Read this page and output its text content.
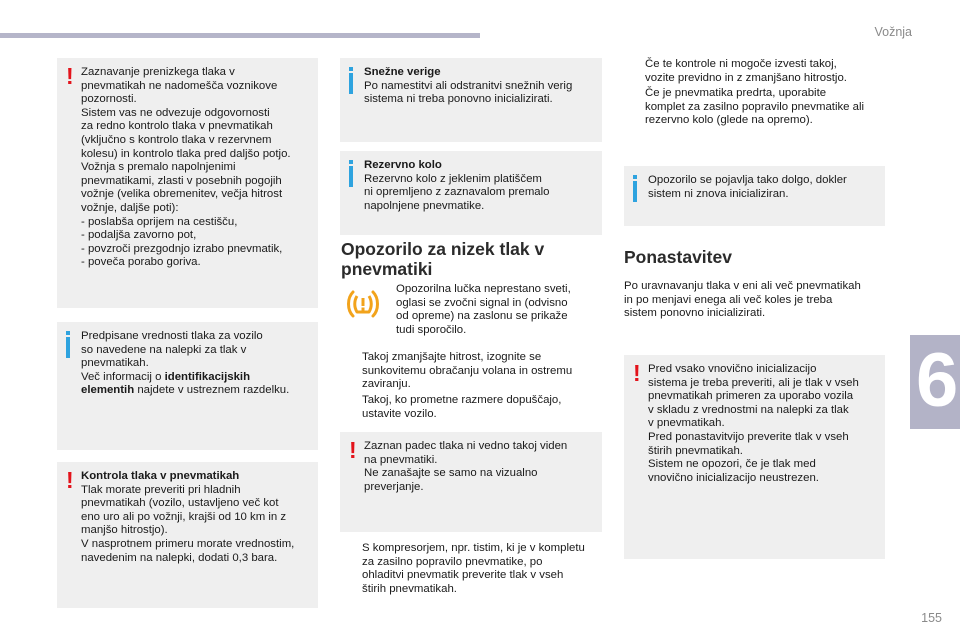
Vožnja
6
155
! Zaznavanje prenizkega tlaka v
pnevmatikah ne nadomešča voznikove
pozornosti.
Sistem vas ne odvezuje odgovornosti
za redno kontrolo tlaka v pnevmatikah
(vključno s kontrolo tlaka v rezervnem
kolesu) in kontrolo tlaka pred daljšo potjo.
Vožnja s premalo napolnjenimi
pnevmatikami, zlasti v posebnih pogojih
vožnje (velika obremenitev, večja hitrost
vožnje, daljše poti):
- poslabša oprijem na cestišču,
- podaljša zavorno pot,
- povzroči prezgodnjo izrabo pnevmatik,
- poveča porabo goriva.
Predpisane vrednosti tlaka za vozilo
so navedene na nalepki za tlak v
pnevmatikah.
Več informacij o identifikacijskih
elementih najdete v ustreznem razdelku.
! Kontrola tlaka v pnevmatikah
Tlak morate preveriti pri hladnih
pnevmatikah (vozilo, ustavljeno več kot
eno uro ali po vožnji, krajši od 10 km in z
manjšo hitrostjo).
V nasprotnem primeru morate vrednostim,
navedenim na nalepki, dodati 0,3 bara.
Snežne verige
Po namestitvi ali odstranitvi snežnih verig
sistema ni treba ponovno inicializirati.
Rezervno kolo
Rezervno kolo z jeklenim platiščem
ni opremljeno z zaznavalom premalo
napolnjene pnevmatike.
Opozorilo za nizek tlak v
pnevmatiki
Opozorilna lučka neprestano sveti,
oglasi se zvočni signal in (odvisno
od opreme) na zaslonu se prikaže
tudi sporočilo.

Takoj zmanjšajte hitrost, izognite se
sunkovitemu obračanju volana in ostremu
zaviranju.

Takoj, ko prometne razmere dopuščajo,
ustavite vozilo.

! Zaznan padec tlaka ni vedno takoj viden
na pnevmatiki.
Ne zanašajte se samo na vizualno
preverjanje.

S kompresorjem, npr. tistim, ki je v kompletu
za zasilno popravilo pnevmatike, po
ohladitvi pnevmatik preverite tlak v vseh
štirih pnevmatikah.

Če te kontrole ni mogoče izvesti takoj,
vozite previdno in z zmanjšano hitrostjo.

Če je pnevmatika predrta, uporabite
komplet za zasilno popravilo pnevmatike ali
rezervno kolo (glede na opremo).

Opozorilo se pojavlja tako dolgo, dokler
sistem ni znova inicializiran.
Ponastavitev
Po uravnavanju tlaka v eni ali več pnevmatikah
in po menjavi enega ali več koles je treba
sistem ponovno inicializirati.
! Pred vsako vnovično inicializacijo
sistema je treba preveriti, ali je tlak v vseh
pnevmatikah primeren za uporabo vozila
v skladu z vrednostmi na nalepki za tlak
v pnevmatikah.
Pred ponastavitvijo preverite tlak v vseh
štirih pnevmatikah.
Sistem ne opozori, če je tlak med
vnovično inicializacijo neustrezen.
